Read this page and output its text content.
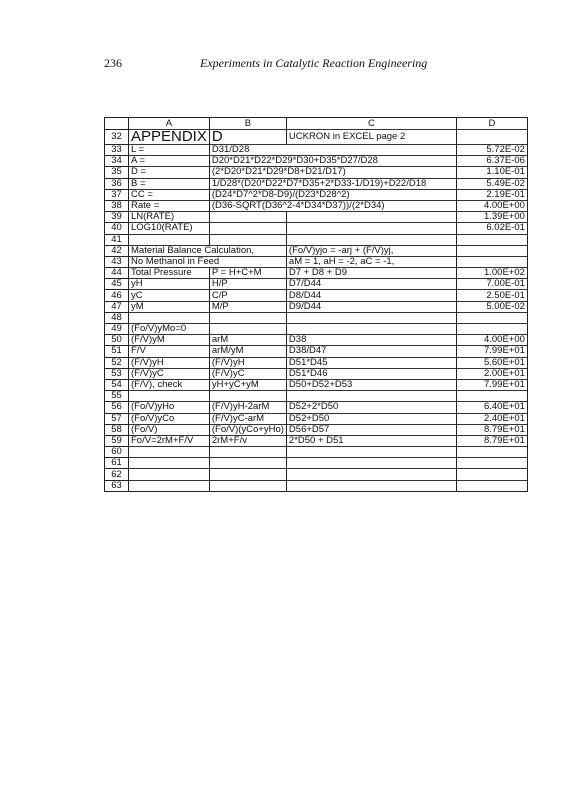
236	Experiments in Catalytic Reaction Engineering
	A	B	C	D
32	APPENDIX	D	UCKRON in EXCEL page 2	
33	L =	D31/D28		5.72E-02
34	A =	D20*D21*D22*D29*D30+D35*D27/D28		6.37E-06
35	D =	(2*D20*D21*D29*D8+D21/D17)		1.10E-01
36	B =	1/D28*(D20*D22*D7*D35+2*D33-1/D19)+D22/D18		5.49E-02
37	CC =	(D24*D7^2*D8-D9)/(D23*D28^2)		2.19E-01
38	Rate =	(D36-SQRT(D36^2-4*D34*D37))/(2*D34)		4.00E+00
39	LN(RATE)			1.39E+00
40	LOG10(RATE)			6.02E-01
41				
42	Material Balance Calculation,		(Fo/V)yjo = -arj + (F/V)yj,	
43	No Methanol in Feed		aM = 1, aH = -2, aC = -1,	
44	Total Pressure	P = H+C+M	D7 + D8 + D9	1.00E+02
45	yH	H/P	D7/D44	7.00E-01
46	yC	C/P	D8/D44	2.50E-01
47	yM	M/P	D9/D44	5.00E-02
48				
49	(Fo/V)yMo=0			
50	(F/V)yM	arM	D38	4.00E+00
51	F/V	arM/yM	D38/D47	7.99E+01
52	(F/V)yH	(F/V)yH	D51*D45	5.60E+01
53	(F/V)yC	(F/V)yC	D51*D46	2.00E+01
54	(F/V), check	yH+yC+yM	D50+D52+D53	7.99E+01
55				
56	(Fo/V)yHo	(F/V)yH-2arM	D52+2*D50	6.40E+01
57	(Fo/V)yCo	(F/V)yC-arM	D52+D50	2.40E+01
58	(Fo/V)	(Fo/V)(yCo+yHo)	D56+D57	8.79E+01
59	Fo/V=2rM+F/V	2rM+F/v	2*D50 + D51	8.79E+01
60				
61				
62				
63				
